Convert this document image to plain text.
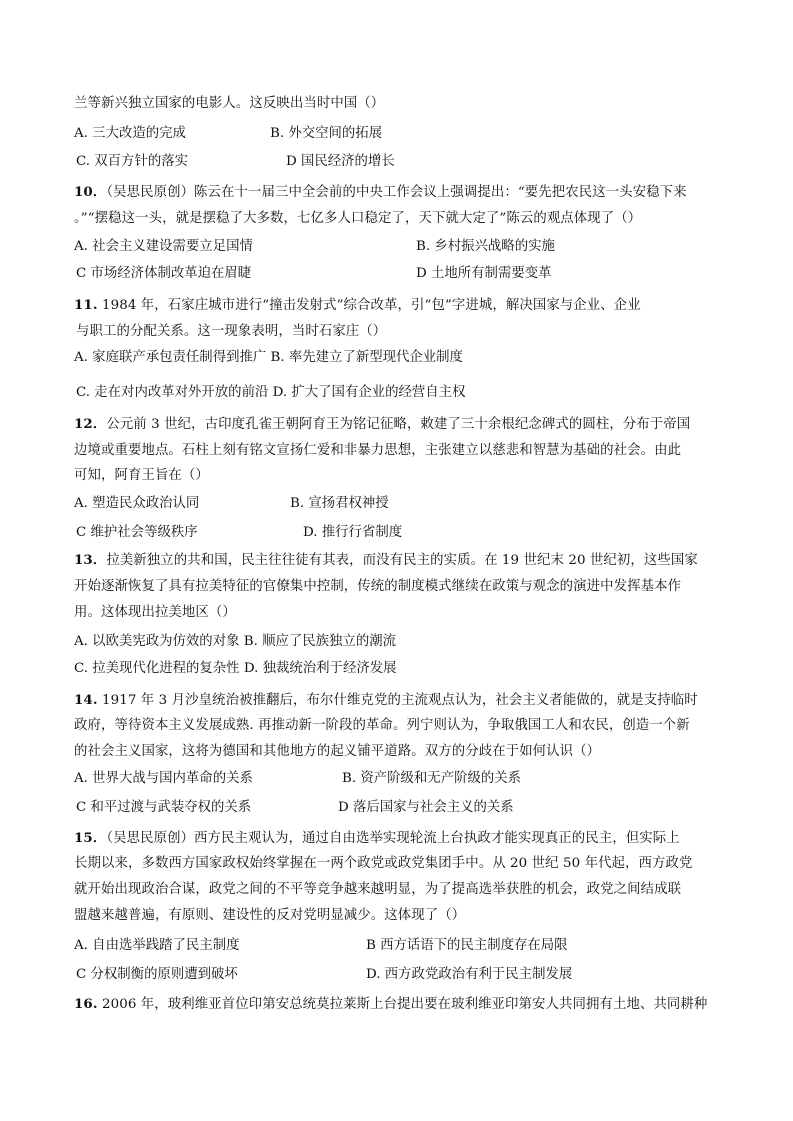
兰等新兴独立国家的电影人。这反映出当时中国（）
A. 三大改造的完成	B. 外交空间的拓展
C. 双百方针的落实	D 国民经济的增长
10．（吴思民原创）陈云在十一届三中全会前的中央工作会议上强调提出：“要先把农民这一头安稳下来
。”“摆稳这一头，就是摆稳了大多数，七亿多人口稳定了，天下就大定了”陈云的观点体现了（）
A. 社会主义建设需要立足国情	B. 乡村振兴战略的实施
C 市场经济体制改革迫在眉睫	D 土地所有制需要变革
11. 1984 年，石家庄城市进行“撞击发射式”综合改革，引“包”字进城，解决国家与企业、企业
与职工的分配关系。这一现象表明，当时石家庄（）
A. 家庭联产承包责任制得到推广 B. 率先建立了新型现代企业制度
C. 走在对内改革对外开放的前沿 D. 扩大了国有企业的经营自主权
12．公元前 3 世纪，古印度孔雀王朝阿育王为铭记征略，敕建了三十余根纪念碑式的圆柱，分布于帝国
边境或重要地点。石柱上刻有铭文宣扬仁爱和非暴力思想，主张建立以慈悲和智慧为基础的社会。由此
可知，阿育王旨在（）
A. 塑造民众政治认同	B. 宣扬君权神授
C 维护社会等级秩序	D. 推行行省制度
13．拉美新独立的共和国，民主往往徒有其表，而没有民主的实质。在 19 世纪末 20 世纪初，这些国家
开始逐渐恢复了具有拉美特征的官僚集中控制，传统的制度模式继续在政策与观念的演进中发挥基本作
用。这体现出拉美地区（）
A. 以欧美宪政为仿效的对象 B. 顺应了民族独立的潮流
C. 拉美现代化进程的复杂性 D. 独裁统治利于经济发展
14. 1917 年 3 月沙皇统治被推翻后，布尔什维克党的主流观点认为，社会主义者能做的，就是支持临时
政府，等待资本主义发展成熟. 再推动新一阶段的革命。列宁则认为，争取俄国工人和农民，创造一个新
的社会主义国家，这将为德国和其他地方的起义铺平道路。双方的分歧在于如何认识（）
A. 世界大战与国内革命的关系	B. 资产阶级和无产阶级的关系
C 和平过渡与武装夺权的关系	D 落后国家与社会主义的关系
15．（吴思民原创）西方民主观认为，通过自由选举实现轮流上台执政才能实现真正的民主，但实际上
长期以来，多数西方国家政权始终掌握在一两个政党或政党集团手中。从 20 世纪 50 年代起，西方政党
就开始出现政治合谋，政党之间的不平等竞争越来越明显，为了提高选举获胜的机会，政党之间结成联
盟越来越普遍，有原则、建设性的反对党明显减少。这体现了（）
A. 自由选举践踏了民主制度	B 西方话语下的民主制度存在局限
C 分权制衡的原则遭到破坏	D. 西方政党政治有利于民主制发展
16. 2006 年，玻利维亚首位印第安总统莫拉莱斯上台提出要在玻利维亚印第安人共同拥有土地、共同耕种
